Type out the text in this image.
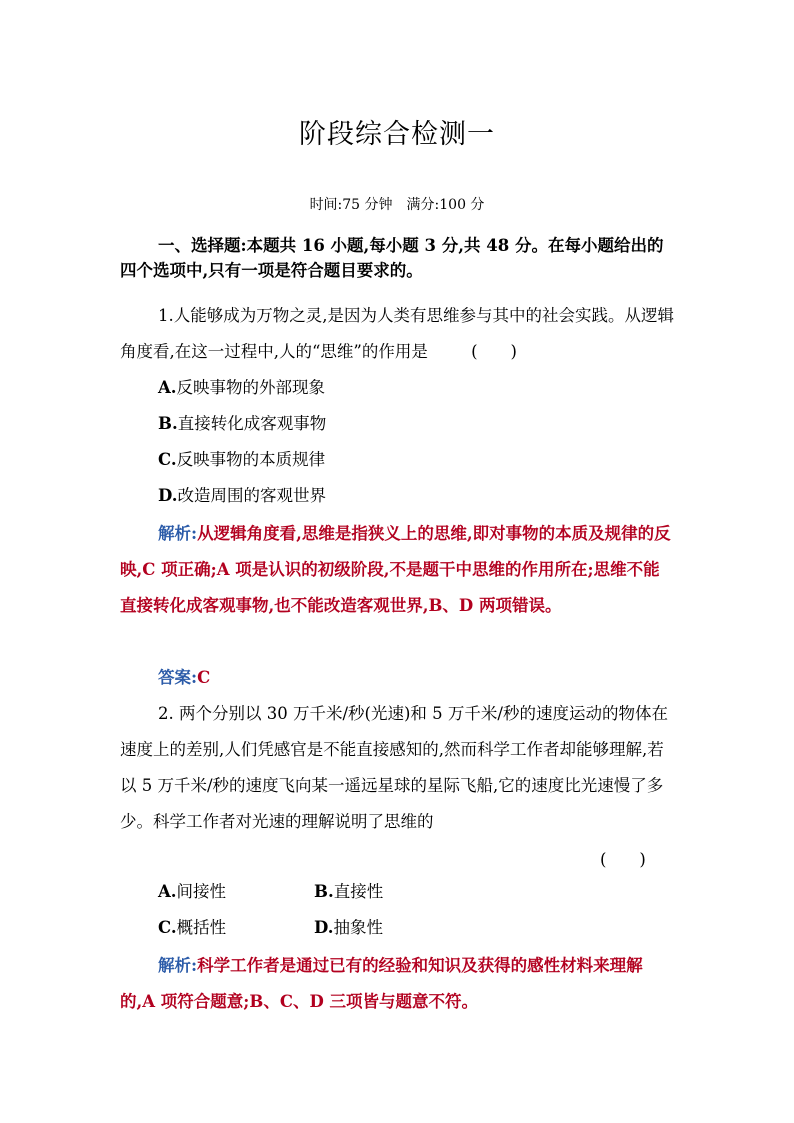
阶段综合检测一
时间:75 分钟 满分:100 分
一、选择题:本题共 16 小题,每小题 3 分,共 48 分。在每小题给出的四个选项中,只有一项是符合题目要求的。
1.人能够成为万物之灵,是因为人类有思维参与其中的社会实践。从逻辑角度看,在这一过程中,人的“思维”的作用是	(　　)
A.反映事物的外部现象
B.直接转化成客观事物
C.反映事物的本质规律
D.改造周围的客观世界
解析:从逻辑角度看,思维是指狭义上的思维,即对事物的本质及规律的反映,C 项正确;A 项是认识的初级阶段,不是题干中思维的作用所在;思维不能直接转化成客观事物,也不能改造客观世界,B、D 两项错误。
答案:C
2. 两个分别以 30 万千米/秒(光速)和 5 万千米/秒的速度运动的物体在速度上的差别,人们凭感官是不能直接感知的,然而科学工作者却能够理解,若以 5 万千米/秒的速度飞向某一遥远星球的星际飞船,它的速度比光速慢了多少。科学工作者对光速的理解说明了思维的
(　　)
A.间接性	B.直接性
C.概括性	D.抽象性
解析:科学工作者是通过已有的经验和知识及获得的感性材料来理解的,A 项符合题意;B、C、D 三项皆与题意不符。
